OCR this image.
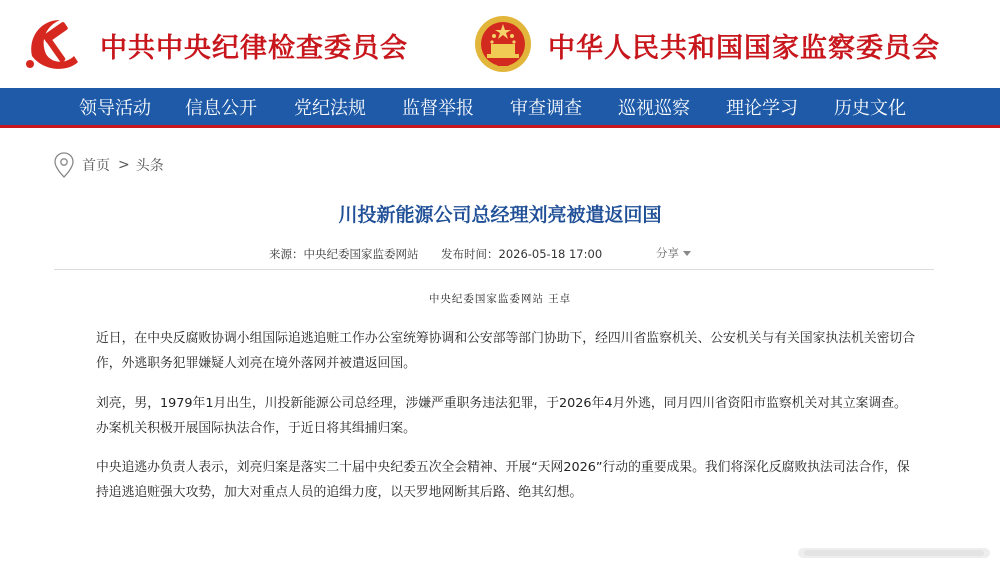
中共中央纪律检查委员会	中华人民共和国国家监察委员会
领导活动 信息公开 党纪法规 监督举报 审查调查 巡视巡察 理论学习 历史文化
首页 > 头条
川投新能源公司总经理刘亮被遣返回国
来源：中央纪委国家监委网站 发布时间：2026-05-18 17:00	分享
中央纪委国家监委网站 王卓
近日，在中央反腐败协调小组国际追逃追赃工作办公室统筹协调和公安部等部门协助下，经四川省监察机关、公安机关与有关国家执法机关密切合作，外逃职务犯罪嫌疑人刘亮在境外落网并被遣返回国。
刘亮，男，1979年1月出生，川投新能源公司总经理，涉嫌严重职务违法犯罪，于2026年4月外逃，同月四川省资阳市监察机关对其立案调查。办案机关积极开展国际执法合作，于近日将其缉捕归案。
中央追逃办负责人表示，刘亮归案是落实二十届中央纪委五次全会精神、开展“天网2026”行动的重要成果。我们将深化反腐败执法司法合作，保持追逃追赃强大攻势，加大对重点人员的追缉力度，以天罗地网断其后路、绝其幻想。
